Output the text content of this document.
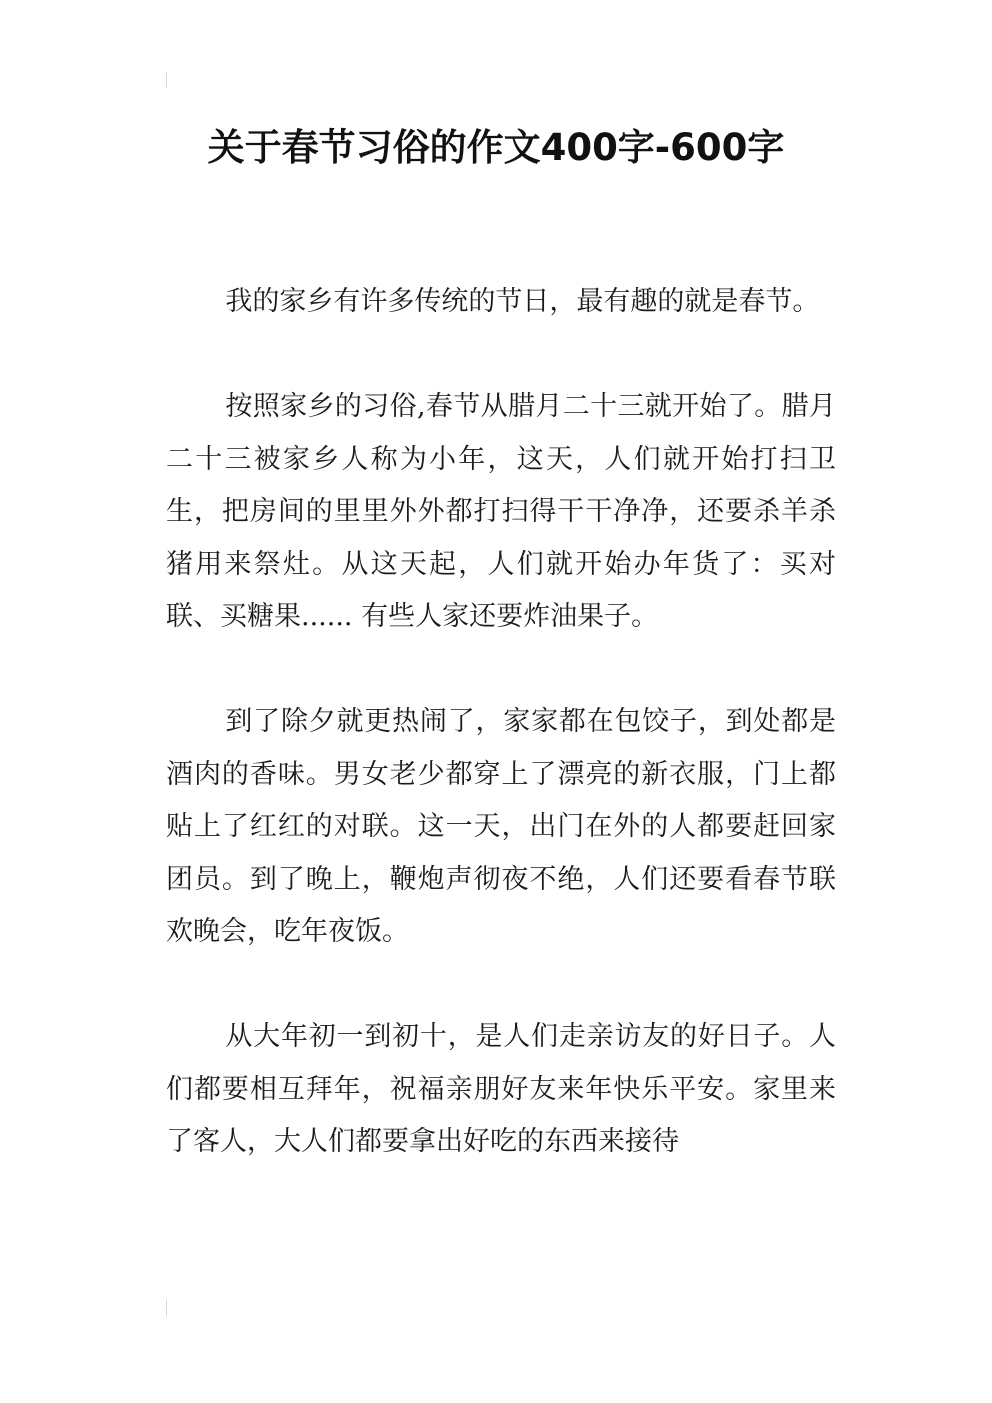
关于春节习俗的作文400字-600字

我的家乡有许多传统的节日，最有趣的就是春节。

按照家乡的习俗,春节从腊月二十三就开始了。腊月二十三被家乡人称为小年，这天，人们就开始打扫卫生，把房间的里里外外都打扫得干干净净，还要杀羊杀猪用来祭灶。从这天起，人们就开始办年货了：买对联、买糖果...... 有些人家还要炸油果子。

到了除夕就更热闹了，家家都在包饺子，到处都是酒肉的香味。男女老少都穿上了漂亮的新衣服，门上都贴上了红红的对联。这一天，出门在外的人都要赶回家团员。到了晚上，鞭炮声彻夜不绝，人们还要看春节联欢晚会，吃年夜饭。

从大年初一到初十，是人们走亲访友的好日子。人们都要相互拜年，祝福亲朋好友来年快乐平安。家里来了客人，大人们都要拿出好吃的东西来接待
